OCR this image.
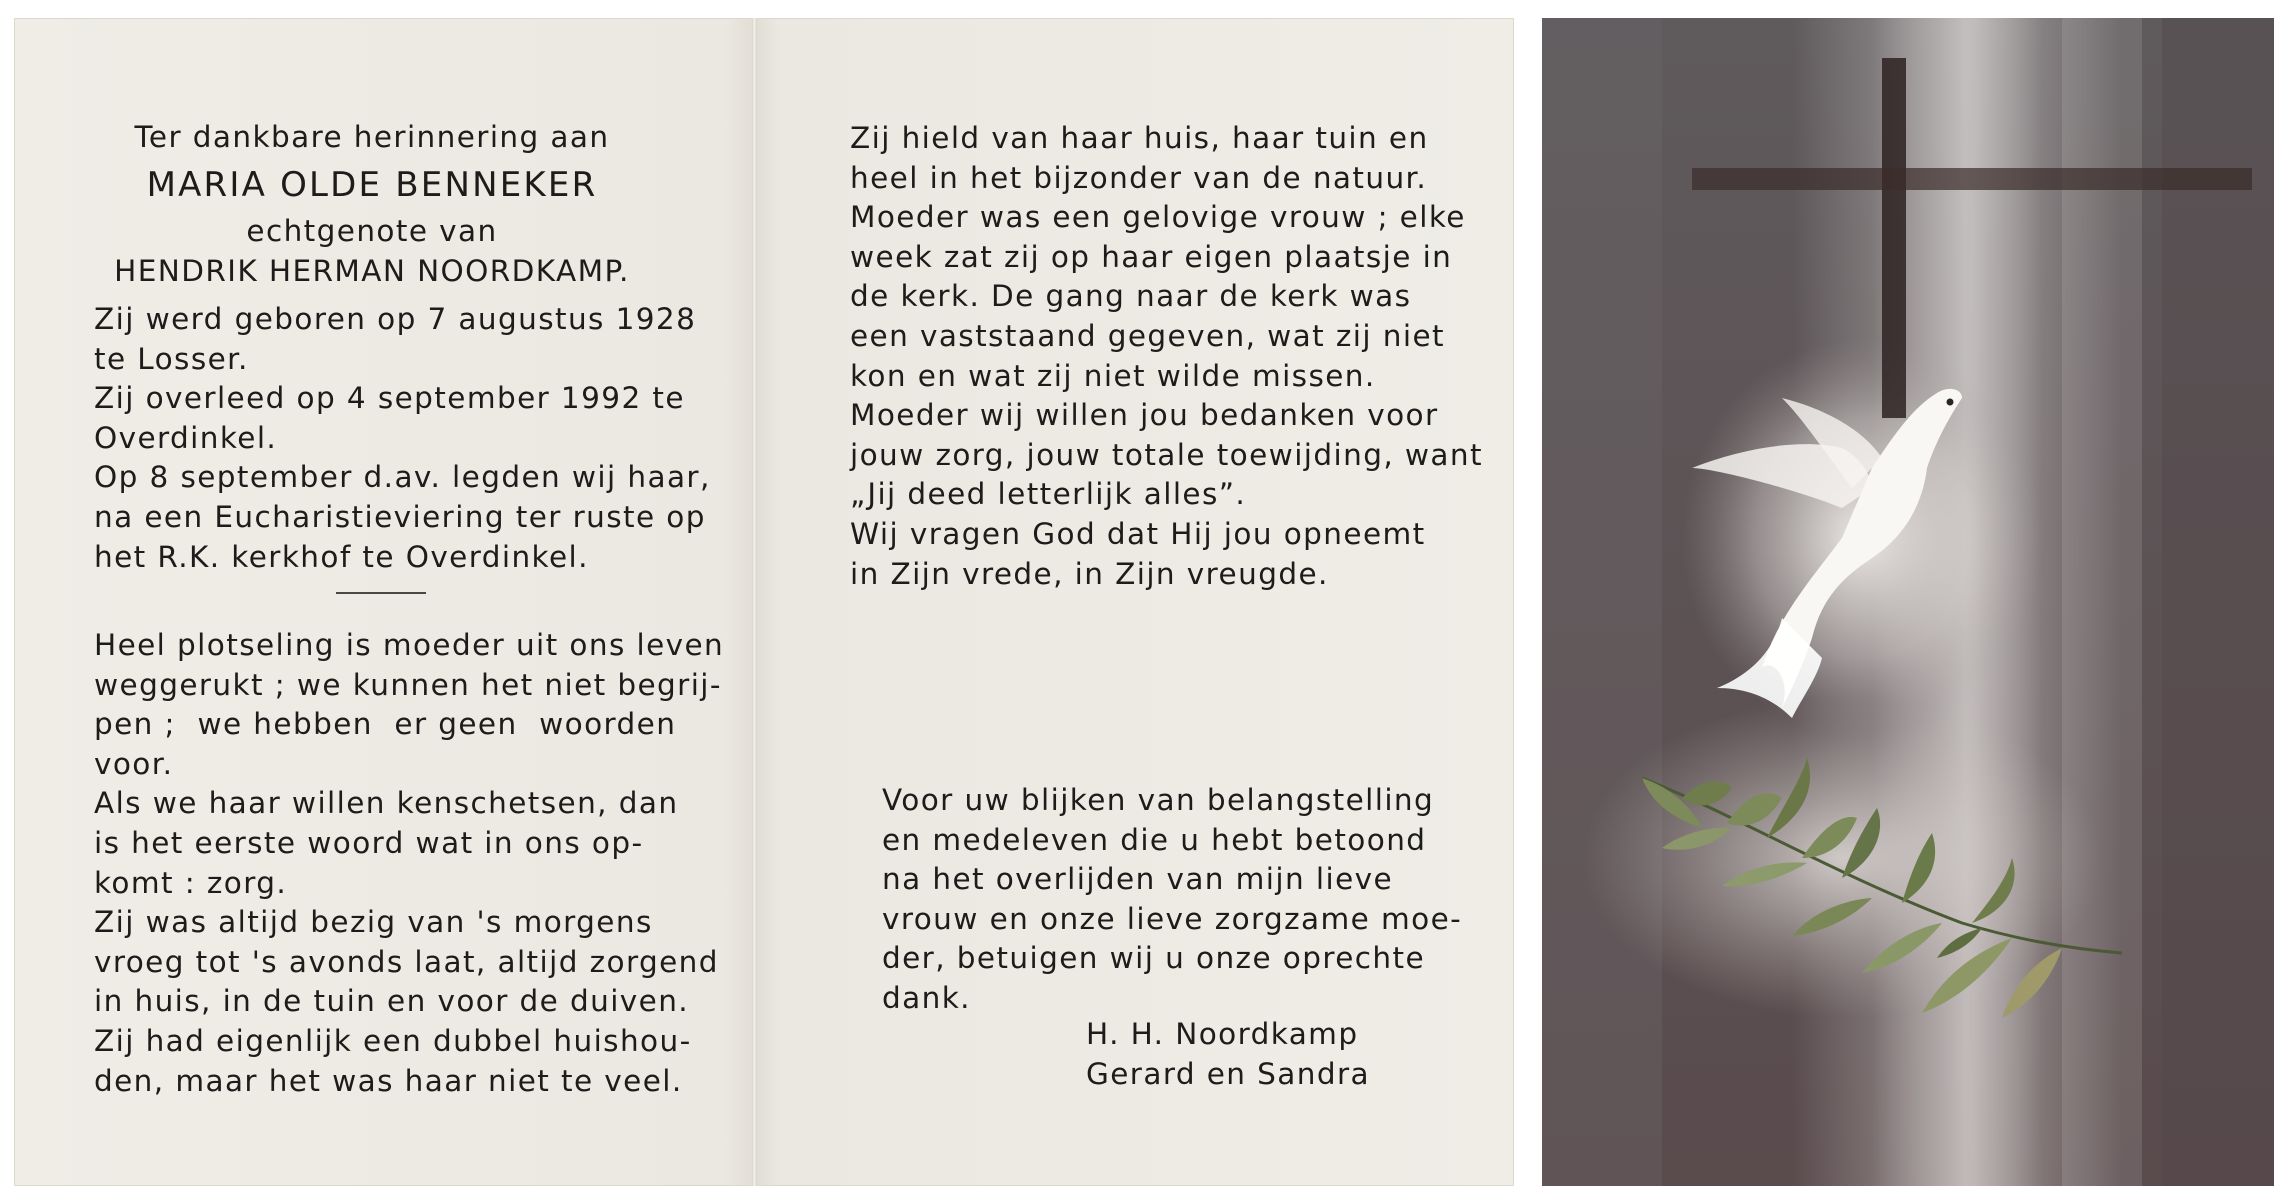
Ter dankbare herinnering aan
MARIA OLDE BENNEKER
echtgenote van
HENDRIK HERMAN NOORDKAMP.
Zij werd geboren op 7 augustus 1928
te Losser.
Zij overleed op 4 september 1992 te
Overdinkel.
Op 8 september d.av. legden wij haar,
na een Eucharistieviering ter ruste op
het R.K. kerkhof te Overdinkel.
Heel plotseling is moeder uit ons leven
weggerukt ; we kunnen het niet begrij-
pen ;  we hebben  er geen  woorden
voor.
Als we haar willen kenschetsen, dan
is het eerste woord wat in ons op-
komt : zorg.
Zij was altijd bezig van 's morgens
vroeg tot 's avonds laat, altijd zorgend
in huis, in de tuin en voor de duiven.
Zij had eigenlijk een dubbel huishou-
den, maar het was haar niet te veel.
Zij hield van haar huis, haar tuin en
heel in het bijzonder van de natuur.
Moeder was een gelovige vrouw ; elke
week zat zij op haar eigen plaatsje in
de kerk. De gang naar de kerk was
een vaststaand gegeven, wat zij niet
kon en wat zij niet wilde missen.
Moeder wij willen jou bedanken voor
jouw zorg, jouw totale toewijding, want
„Jij deed letterlijk alles”.
Wij vragen God dat Hij jou opneemt
in Zijn vrede, in Zijn vreugde.
Voor uw blijken van belangstelling
en medeleven die u hebt betoond
na het overlijden van mijn lieve
vrouw en onze lieve zorgzame moe-
der, betuigen wij u onze oprechte
dank.
H. H. Noordkamp
Gerard en Sandra
